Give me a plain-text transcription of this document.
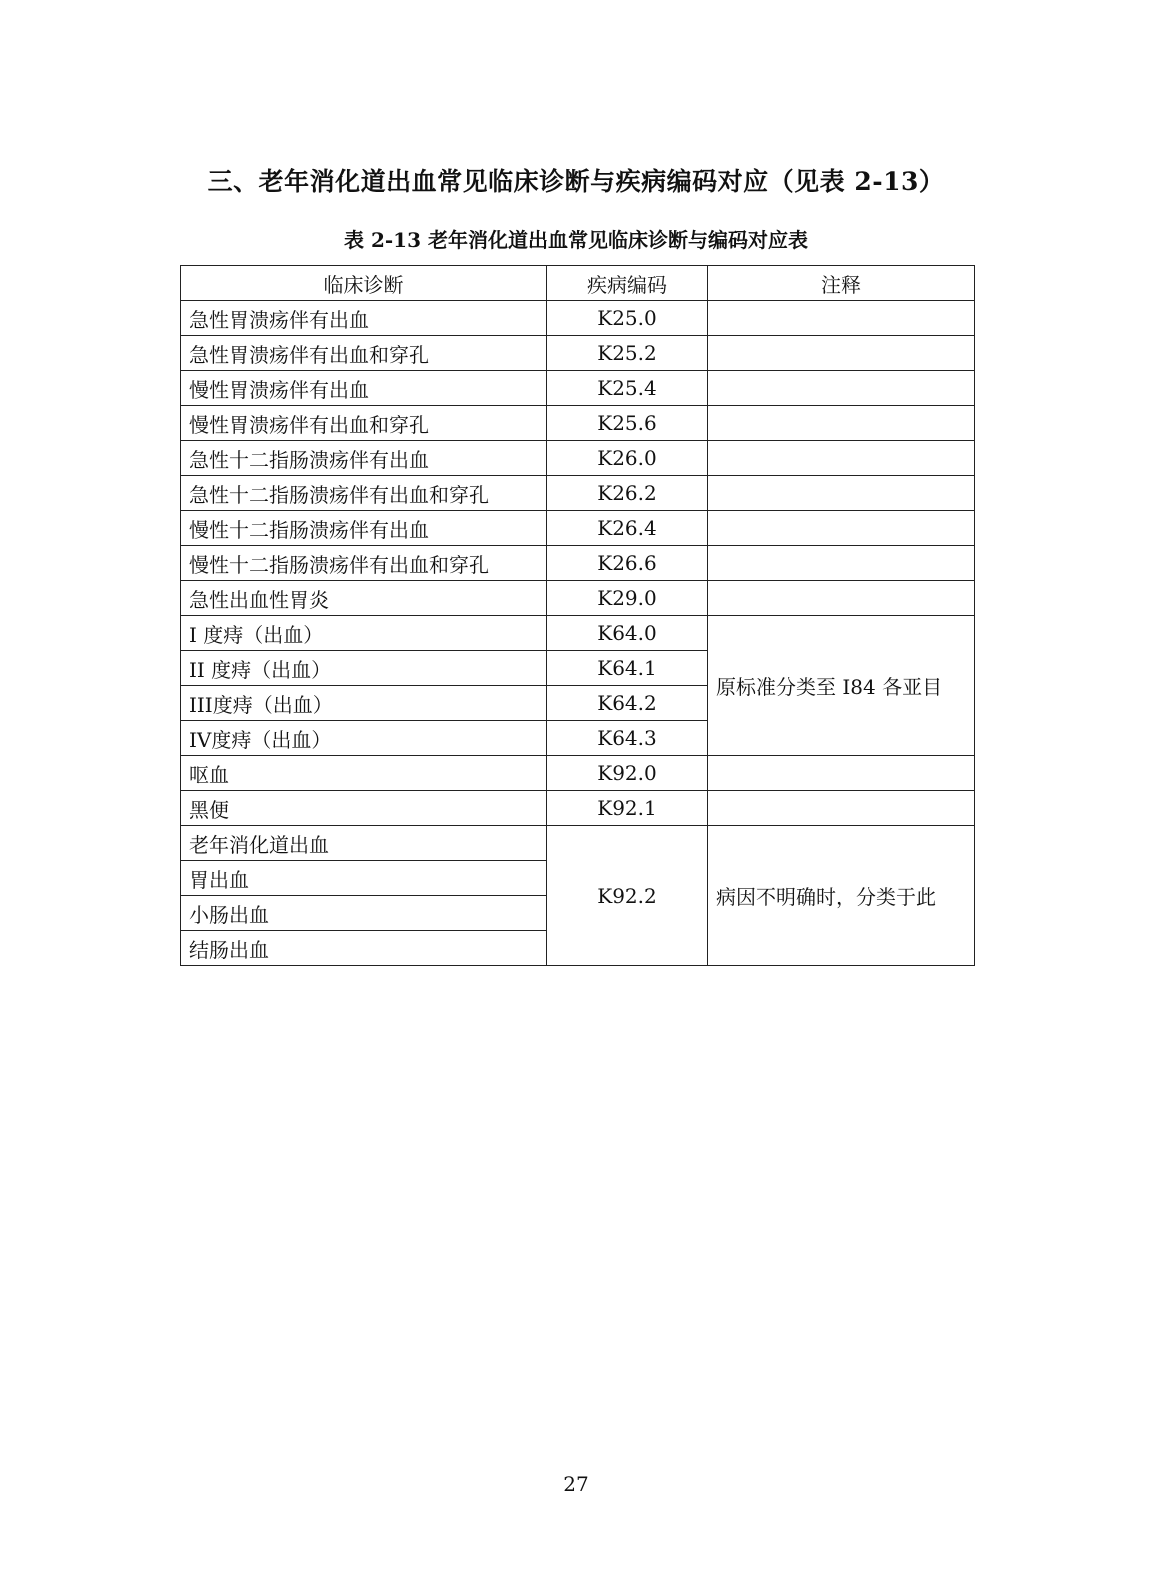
三、老年消化道出血常见临床诊断与疾病编码对应（见表 2-13）
表 2-13 老年消化道出血常见临床诊断与编码对应表
临床诊断	疾病编码	注释
急性胃溃疡伴有出血	K25.0	
急性胃溃疡伴有出血和穿孔	K25.2	
慢性胃溃疡伴有出血	K25.4	
慢性胃溃疡伴有出血和穿孔	K25.6	
急性十二指肠溃疡伴有出血	K26.0	
急性十二指肠溃疡伴有出血和穿孔	K26.2	
慢性十二指肠溃疡伴有出血	K26.4	
慢性十二指肠溃疡伴有出血和穿孔	K26.6	
急性出血性胃炎	K29.0	
I 度痔（出血）	K64.0	原标准分类至 I84 各亚目
II 度痔（出血）	K64.1	
III度痔（出血）	K64.2	
IV度痔（出血）	K64.3	
呕血	K92.0	
黑便	K92.1	
老年消化道出血	K92.2	病因不明确时，分类于此
胃出血		
小肠出血		
结肠出血		
27
